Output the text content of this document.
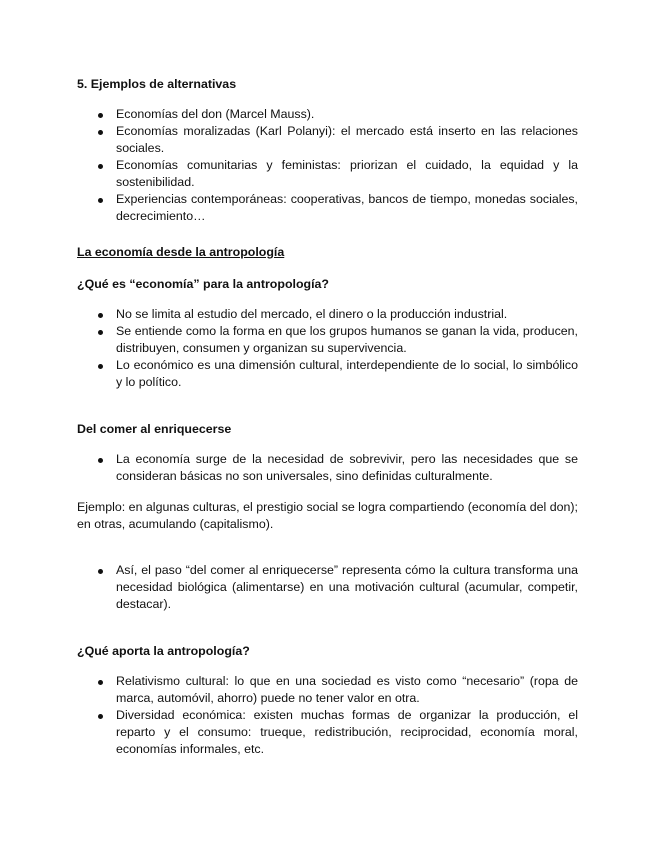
5. Ejemplos de alternativas

Economías del don (Marcel Mauss).
Economías moralizadas (Karl Polanyi): el mercado está inserto en las relaciones sociales.
Economías comunitarias y feministas: priorizan el cuidado, la equidad y la sostenibilidad.
Experiencias contemporáneas: cooperativas, bancos de tiempo, monedas sociales, decrecimiento…

La economía desde la antropología

¿Qué es “economía” para la antropología?

No se limita al estudio del mercado, el dinero o la producción industrial.
Se entiende como la forma en que los grupos humanos se ganan la vida, producen, distribuyen, consumen y organizan su supervivencia.
Lo económico es una dimensión cultural, interdependiente de lo social, lo simbólico y lo político.

Del comer al enriquecerse

La economía surge de la necesidad de sobrevivir, pero las necesidades que se consideran básicas no son universales, sino definidas culturalmente.

Ejemplo: en algunas culturas, el prestigio social se logra compartiendo (economía del don); en otras, acumulando (capitalismo).

Así, el paso “del comer al enriquecerse” representa cómo la cultura transforma una necesidad biológica (alimentarse) en una motivación cultural (acumular, competir, destacar).

¿Qué aporta la antropología?

Relativismo cultural: lo que en una sociedad es visto como “necesario” (ropa de marca, automóvil, ahorro) puede no tener valor en otra.
Diversidad económica: existen muchas formas de organizar la producción, el reparto y el consumo: trueque, redistribución, reciprocidad, economía moral, economías informales, etc.
